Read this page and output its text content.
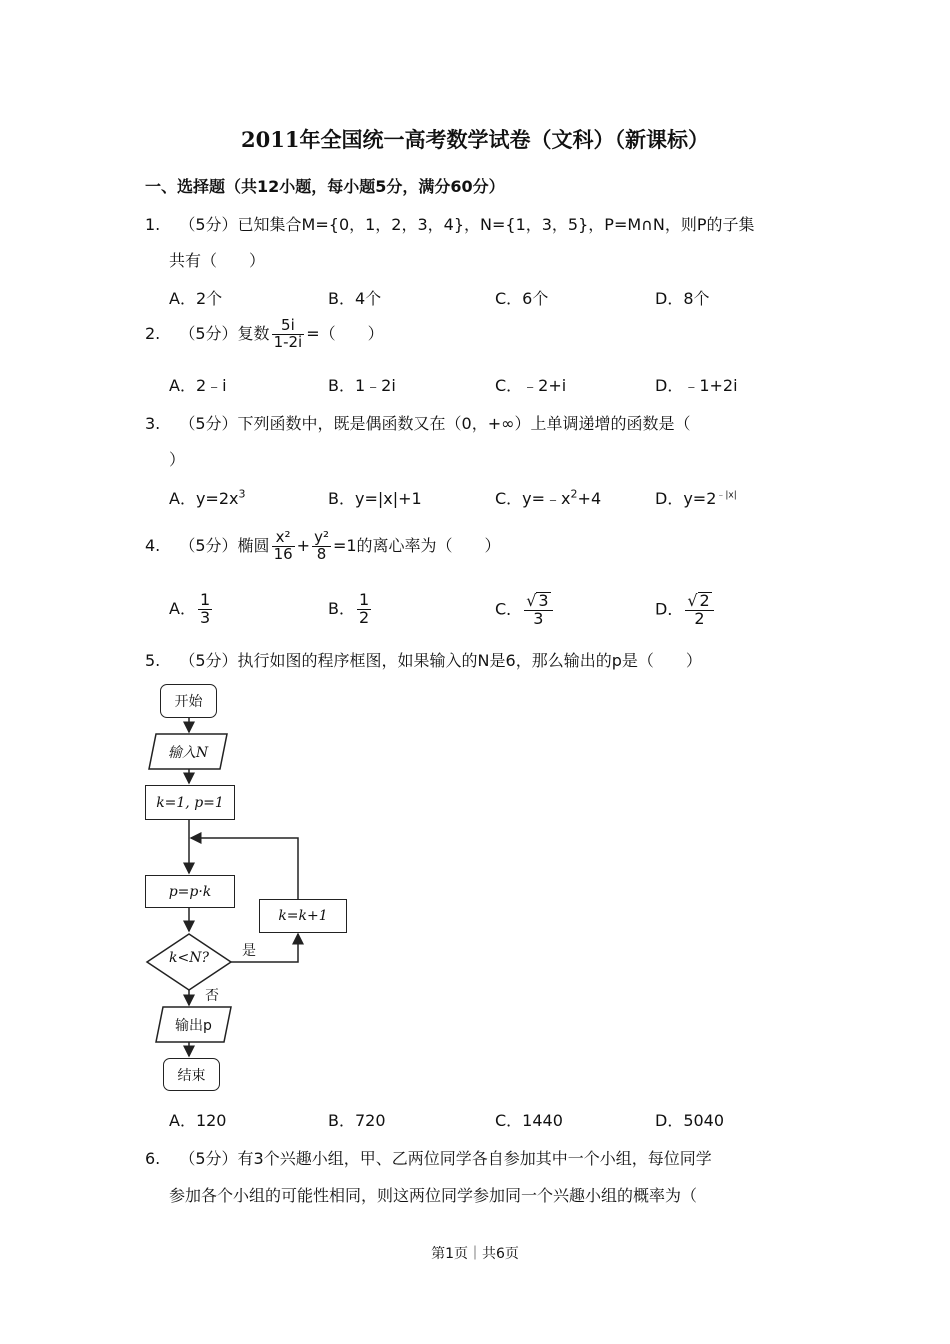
2011年全国统一高考数学试卷（文科）（新课标）
一、选择题（共12小题，每小题5分，满分60分）
1. （5分）已知集合M={0，1，2，3，4}，N={1，3，5}，P=M∩N，则P的子集
共有（　　）
A．2个	B．4个	C．6个	D．8个
2. （5分）复数 $\frac{5i}{1-2i}$ =（　　）
A．2﹣i	B．1﹣2i	C．﹣2+i	D．﹣1+2i
3. （5分）下列函数中，既是偶函数又在（0，+∞）上单调递增的函数是（
）
A．$y=2x^3$	B．y=|x|+1	C．$y=﹣x^2+4$	D．$y=2^{﹣|x|}$
4. （5分）椭圆 $\frac{\text{x²}}{16} + \frac{\text{y²}}{8} =1$的离心率为（　　）
A． $\frac{1}{3}$	B． $\frac{1}{2}$	C． $\frac{√ 3}{3}$	D． $\frac{√ 2}{2}$
5. （5分）执行如图的程序框图，如果输入的N是6，那么输出的p是（　　）
开始
输入N
k=1, p=1
p=p·k
k=k+1
k<N?	是
否
输出p
结束
A．120	B．720	C．1440	D．5040
6. （5分）有3个兴趣小组，甲、乙两位同学各自参加其中一个小组，每位同学
参加各个小组的可能性相同，则这两位同学参加同一个兴趣小组的概率为（
第1页｜共6页
